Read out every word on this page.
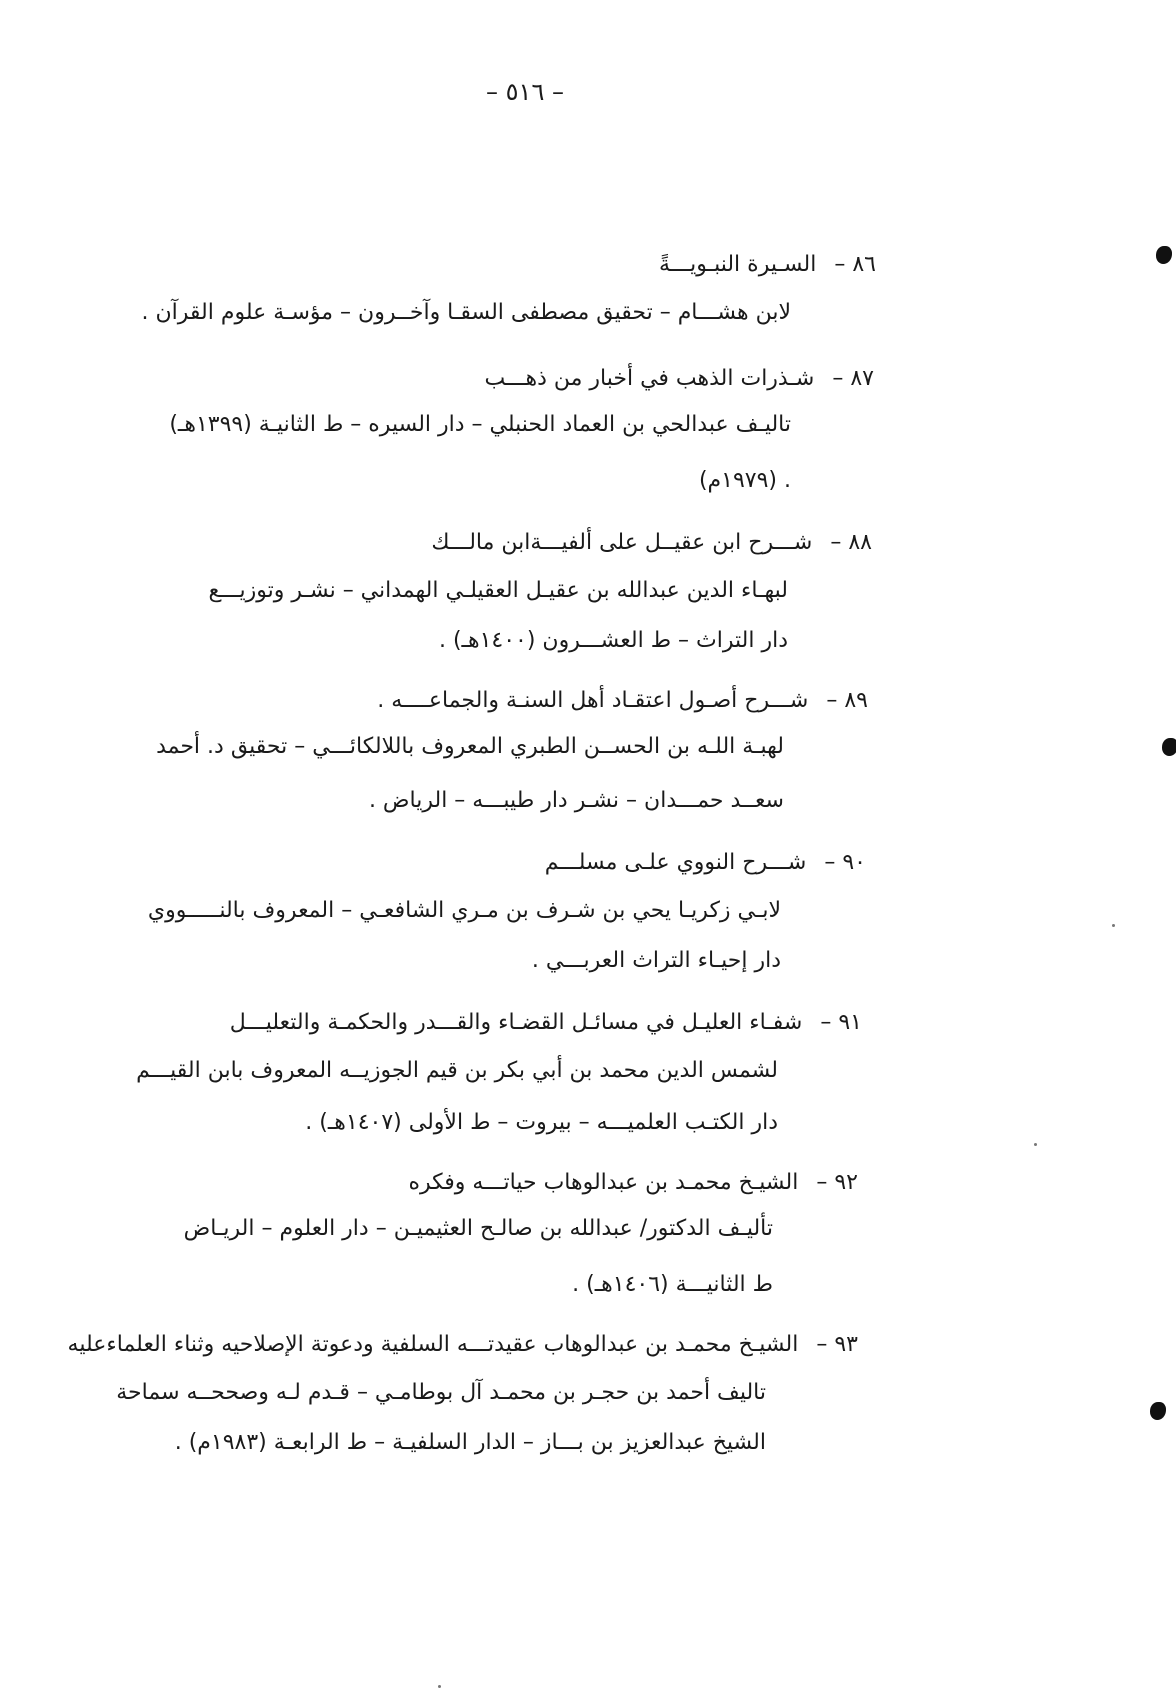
– ٥١٦ –
٨٦ –السـيرة النبـويـــةً
لابن هشـــام – تحقيق مصطفى السقـا وآخــرون – مؤسـة علوم القرآن .
٨٧ –شـذرات الذهب في أخبار من ذهـــب
تاليـف عبدالحي بن العماد الحنبلي – دار السيره – ط الثانيـة (١٣٩٩هـ)
. (١٩٧٩م)
٨٨ –شـــرح ابن عقيــل على ألفيـــةابن مالـــك
لبهـاء الدين عبدالله بن عقيـل العقيلـي الهمداني – نشـر وتوزيـــع
دار التراث – ط العشـــرون (١٤٠٠هـ) .
٨٩ –شـــرح أصـول اعتقـاد أهل السنـة والجماعــــه .
لهبـة اللـه بن الحســن الطبري المعروف باللالكائـــي – تحقيق د. أحمد
سعــد حمـــدان – نشـر دار طيبـــه – الرياض .
٩٠ –شـــرح النووي علـى مسلـــم
لابـي زكريـا يحي بن شـرف بن مـري الشافعـي – المعروف بالنـــــووي
دار إحيـاء التراث العربـــي .
٩١ –شفـاء العليـل في مسائـل القضـاء والقـــدر والحكمـة والتعليـــل
لشمس الدين محمد بن أبي بكر بن قيم الجوزيــه المعروف بابن القيـــم
دار الكتـب العلميـــه – بيروت – ط الأولى (١٤٠٧هـ) .
٩٢ –الشيـخ محمـد بن عبدالوهاب حياتـــه وفكره
تأليـف الدكتور/ عبدالله بن صالـح العثيميـن – دار العلوم – الريـاض
ط الثانيـــة (١٤٠٦هـ) .
٩٣ –الشيـخ محمـد بن عبدالوهاب عقيدتـــه السلفية ودعوتة الإصلاحيه وثناء العلماءعليه
تاليف أحمد بن حجـر بن محمـد آل بوطامـي – قـدم لـه وصححــه سماحة
الشيخ عبدالعزيز بن بـــاز – الدار السلفيـة – ط الرابعـة (١٩٨٣م) .
